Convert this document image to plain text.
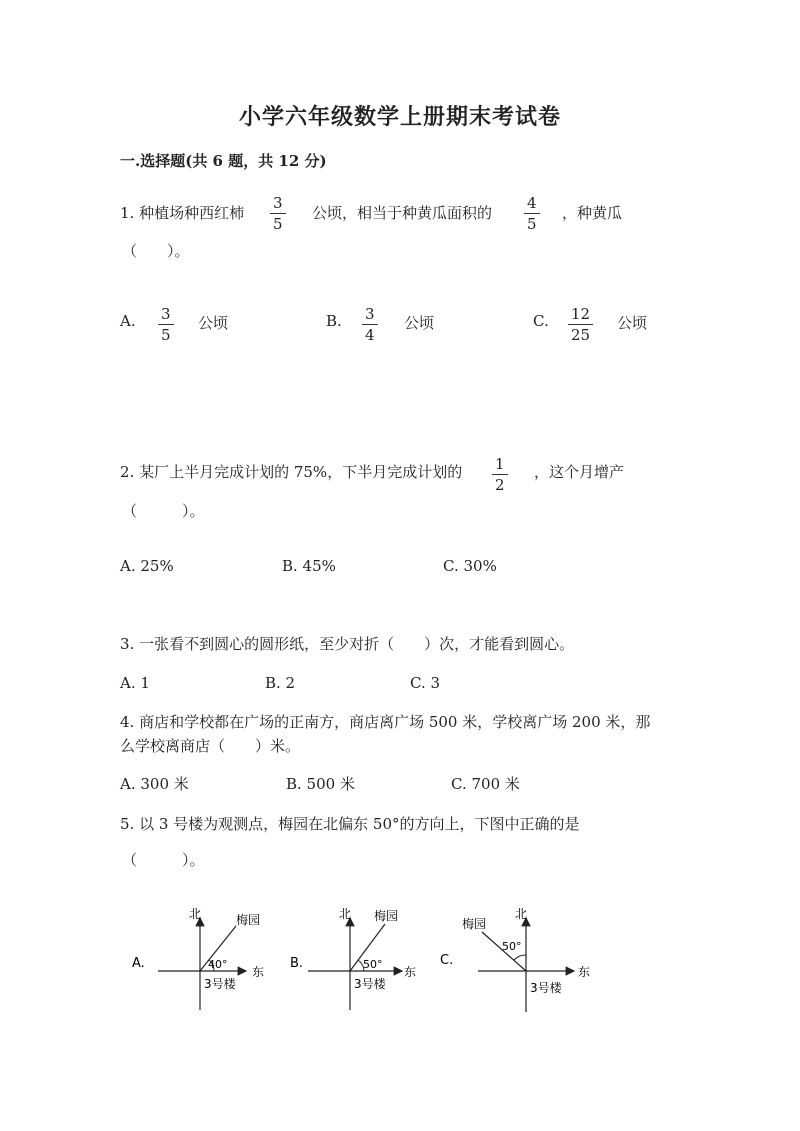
小学六年级数学上册期末考试卷
一.选择题(共 6 题，共 12 分)
1. 种植场种西红柿 $\frac{3}{5}$ 公顷，相当于种黄瓜面积的 $\frac{4}{5}$ ，种黄瓜
（　　）。
A. $\frac{3}{5}$ 公顷	B. $\frac{3}{4}$ 公顷	C. $\frac{12}{25}$ 公顷
2. 某厂上半月完成计划的 75%，下半月完成计划的 $\frac{1}{2}$ ，这个月增产
（　　　）。
A. 25%	B. 45%	C. 30%
3. 一张看不到圆心的圆形纸，至少对折（　　）次，才能看到圆心。
A. 1	B. 2	C. 3
4. 商店和学校都在广场的正南方，商店离广场 500 米，学校离广场 200 米，那
么学校离商店（　　）米。
A. 300 米	B. 500 米	C. 700 米
5. 以 3 号楼为观测点，梅园在北偏东 50°的方向上，下图中正确的是
（　　　）。
A.
北	梅园
40°
东
3号楼
B.
北 梅园
50°
东
3号楼
C.
北
梅园
50°
东
3号楼
